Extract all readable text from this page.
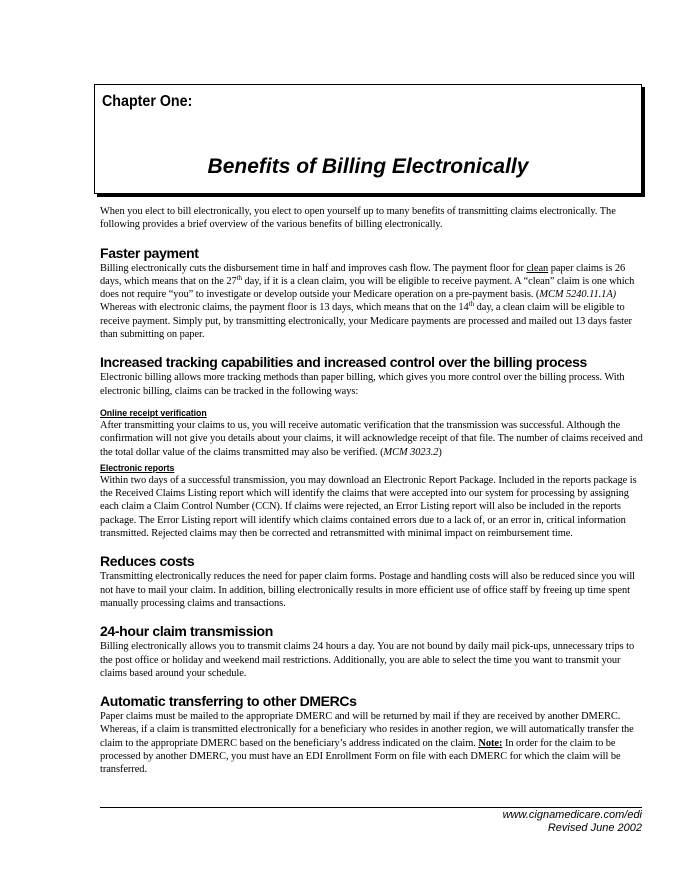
Chapter One:
Benefits of Billing Electronically

When you elect to bill electronically, you elect to open yourself up to many benefits of transmitting claims electronically. The following provides a brief overview of the various benefits of billing electronically.

Faster payment

Billing electronically cuts the disbursement time in half and improves cash flow. The payment floor for clean paper claims is 26 days, which means that on the 27th day, if it is a clean claim, you will be eligible to receive payment. A “clean” claim is one which does not require “you” to investigate or develop outside your Medicare operation on a pre-payment basis. (MCM 5240.11.1A) Whereas with electronic claims, the payment floor is 13 days, which means that on the 14th day, a clean claim will be eligible to receive payment. Simply put, by transmitting electronically, your Medicare payments are processed and mailed out 13 days faster than submitting on paper.

Increased tracking capabilities and increased control over the billing process

Electronic billing allows more tracking methods than paper billing, which gives you more control over the billing process. With electronic billing, claims can be tracked in the following ways:

Online receipt verification

After transmitting your claims to us, you will receive automatic verification that the transmission was successful. Although the confirmation will not give you details about your claims, it will acknowledge receipt of that file. The number of claims received and the total dollar value of the claims transmitted may also be verified. (MCM 3023.2)

Electronic reports

Within two days of a successful transmission, you may download an Electronic Report Package. Included in the reports package is the Received Claims Listing report which will identify the claims that were accepted into our system for processing by assigning each claim a Claim Control Number (CCN). If claims were rejected, an Error Listing report will also be included in the reports package. The Error Listing report will identify which claims contained errors due to a lack of, or an error in, critical information transmitted. Rejected claims may then be corrected and retransmitted with minimal impact on reimbursement time.

Reduces costs

Transmitting electronically reduces the need for paper claim forms. Postage and handling costs will also be reduced since you will not have to mail your claim. In addition, billing electronically results in more efficient use of office staff by freeing up time spent manually processing claims and transactions.

24-hour claim transmission

Billing electronically allows you to transmit claims 24 hours a day. You are not bound by daily mail pick-ups, unnecessary trips to the post office or holiday and weekend mail restrictions. Additionally, you are able to select the time you want to transmit your claims based around your schedule.

Automatic transferring to other DMERCs

Paper claims must be mailed to the appropriate DMERC and will be returned by mail if they are received by another DMERC. Whereas, if a claim is transmitted electronically for a beneficiary who resides in another region, we will automatically transfer the claim to the appropriate DMERC based on the beneficiary’s address indicated on the claim. Note: In order for the claim to be processed by another DMERC, you must have an EDI Enrollment Form on file with each DMERC for which the claim will be transferred.

www.cignamedicare.com/edi
Revised June 2002
